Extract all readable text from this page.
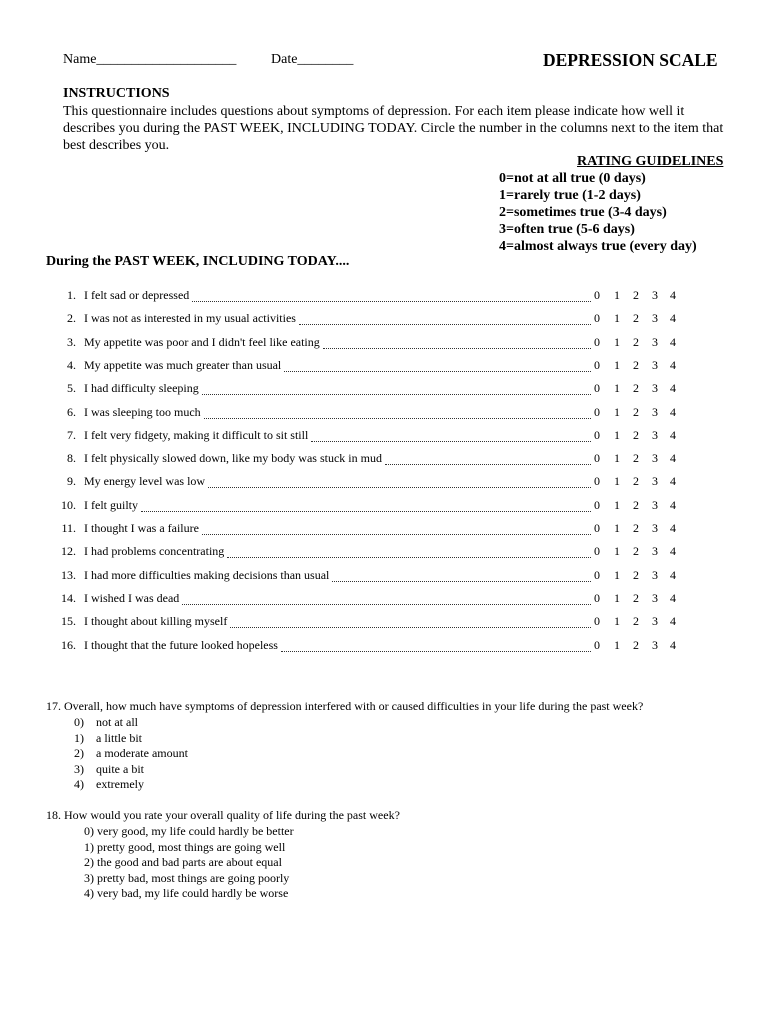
Name____________________ Date________	DEPRESSION SCALE
INSTRUCTIONS
This questionnaire includes questions about symptoms of depression. For each item please indicate how well it describes you during the PAST WEEK, INCLUDING TODAY. Circle the number in the columns next to the item that best describes you.
RATING GUIDELINES
0=not at all true (0 days)
1=rarely true (1-2 days)
2=sometimes true (3-4 days)
3=often true (5-6 days)
4=almost always true (every day)
During the PAST WEEK, INCLUDING TODAY....
1. I felt sad or depressed	0 1 2 3 4
2. I was not as interested in my usual activities	0 1 2 3 4
3. My appetite was poor and I didn't feel like eating	0 1 2 3 4
4. My appetite was much greater than usual	0 1 2 3 4
5. I had difficulty sleeping	0 1 2 3 4
6. I was sleeping too much	0 1 2 3 4
7. I felt very fidgety, making it difficult to sit still	0 1 2 3 4
8. I felt physically slowed down, like my body was stuck in mud	0 1 2 3 4
9. My energy level was low	0 1 2 3 4
10. I felt guilty	0 1 2 3 4
11. I thought I was a failure	0 1 2 3 4
12. I had problems concentrating	0 1 2 3 4
13. I had more difficulties making decisions than usual	0 1 2 3 4
14. I wished I was dead	0 1 2 3 4
15. I thought about killing myself	0 1 2 3 4
16. I thought that the future looked hopeless	0 1 2 3 4
17. Overall, how much have symptoms of depression interfered with or caused difficulties in your life during the past week?
0) not at all
1) a little bit
2) a moderate amount
3) quite a bit
4) extremely
18. How would you rate your overall quality of life during the past week?
0) very good, my life could hardly be better
1) pretty good, most things are going well
2) the good and bad parts are about equal
3) pretty bad, most things are going poorly
4) very bad, my life could hardly be worse
